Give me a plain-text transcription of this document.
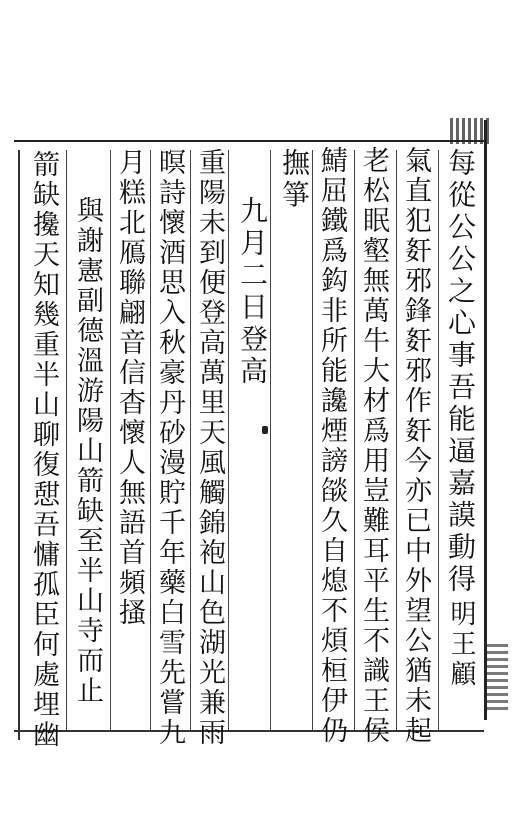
每從公公之心事吾能逼嘉謨動得
明王顧
氣直犯姧邪鋒姧邪作姧今亦已中外望公猶未起
老松眠壑無萬牛大材爲用豈難耳平生不識王侯
鯖屈鐵爲鈎非所能讒煙謗燄久自熄不煩桓伊仍
撫箏
九月二日登高
重陽未到便登高萬里天風觸錦袍山色湖光兼雨
暝詩懷酒思入秋豪丹砂漫貯千年藥白雪先嘗九
月糕北鴈聯翩音信杳懷人無語首頻搔
與謝憲副德溫游陽山箭缺至半山寺而止
箭缺攙天知幾重半山聊復憇吾慵孤臣何處埋幽
